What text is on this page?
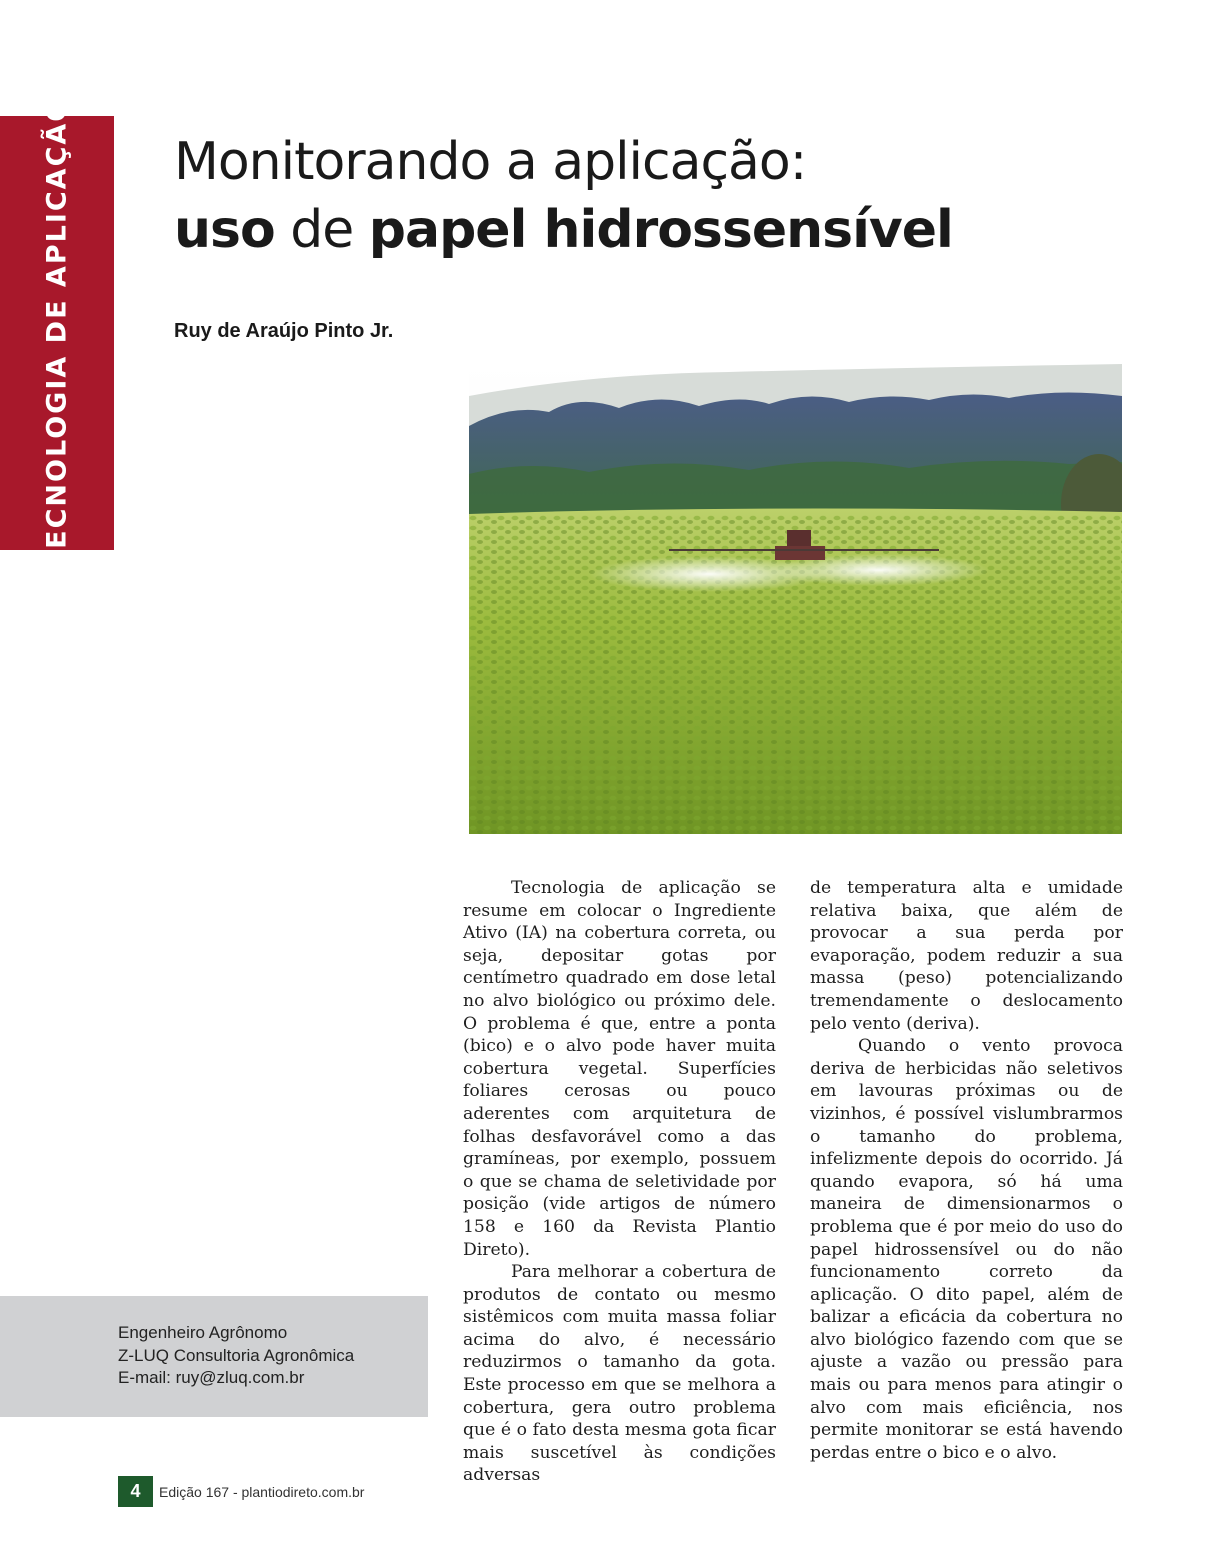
TECNOLOGIA DE APLICAÇÃO Monitorando a aplicação:
uso de papel hidrossensível

Ruy de Araújo Pinto Jr.

Tecnologia de aplicação se resume em colocar o Ingrediente Ativo (IA) na cobertura correta, ou seja, depositar gotas por centímetro quadrado em dose letal no alvo biológico ou próximo dele. O problema é que, entre a ponta (bico) e o alvo pode haver muita cobertura vegetal. Superfícies foliares cerosas ou pouco aderentes com arquitetura de folhas desfavorável como a das gramíneas, por exemplo, possuem o que se chama de seletividade por posição (vide artigos de número 158 e 160 da Revista Plantio Direto).

Para melhorar a cobertura de produtos de contato ou mesmo sistêmicos com muita massa foliar acima do alvo, é necessário reduzirmos o tamanho da gota. Este processo em que se melhora a cobertura, gera outro problema que é o fato desta mesma gota ficar mais suscetível às condições adversas

de temperatura alta e umidade relativa baixa, que além de provocar a sua perda por evaporação, podem reduzir a sua massa (peso) potencializando tremendamente o deslocamento pelo vento (deriva).

Quando o vento provoca deriva de herbicidas não seletivos em lavouras próximas ou de vizinhos, é possível vislumbrarmos o tamanho do problema, infelizmente depois do ocorrido. Já quando evapora, só há uma maneira de dimensionarmos o problema que é por meio do uso do papel hidrossensível ou do não funcionamento correto da aplicação. O dito papel, além de balizar a eficácia da cobertura no alvo biológico fazendo com que se ajuste a vazão ou pressão para mais ou para menos para atingir o alvo com mais eficiência, nos permite monitorar se está havendo perdas entre o bico e o alvo.

Engenheiro Agrônomo
Z-LUQ Consultoria Agronômica
E-mail: ruy@zluq.com.br
4	Edição 167 - plantiodireto.com.br
